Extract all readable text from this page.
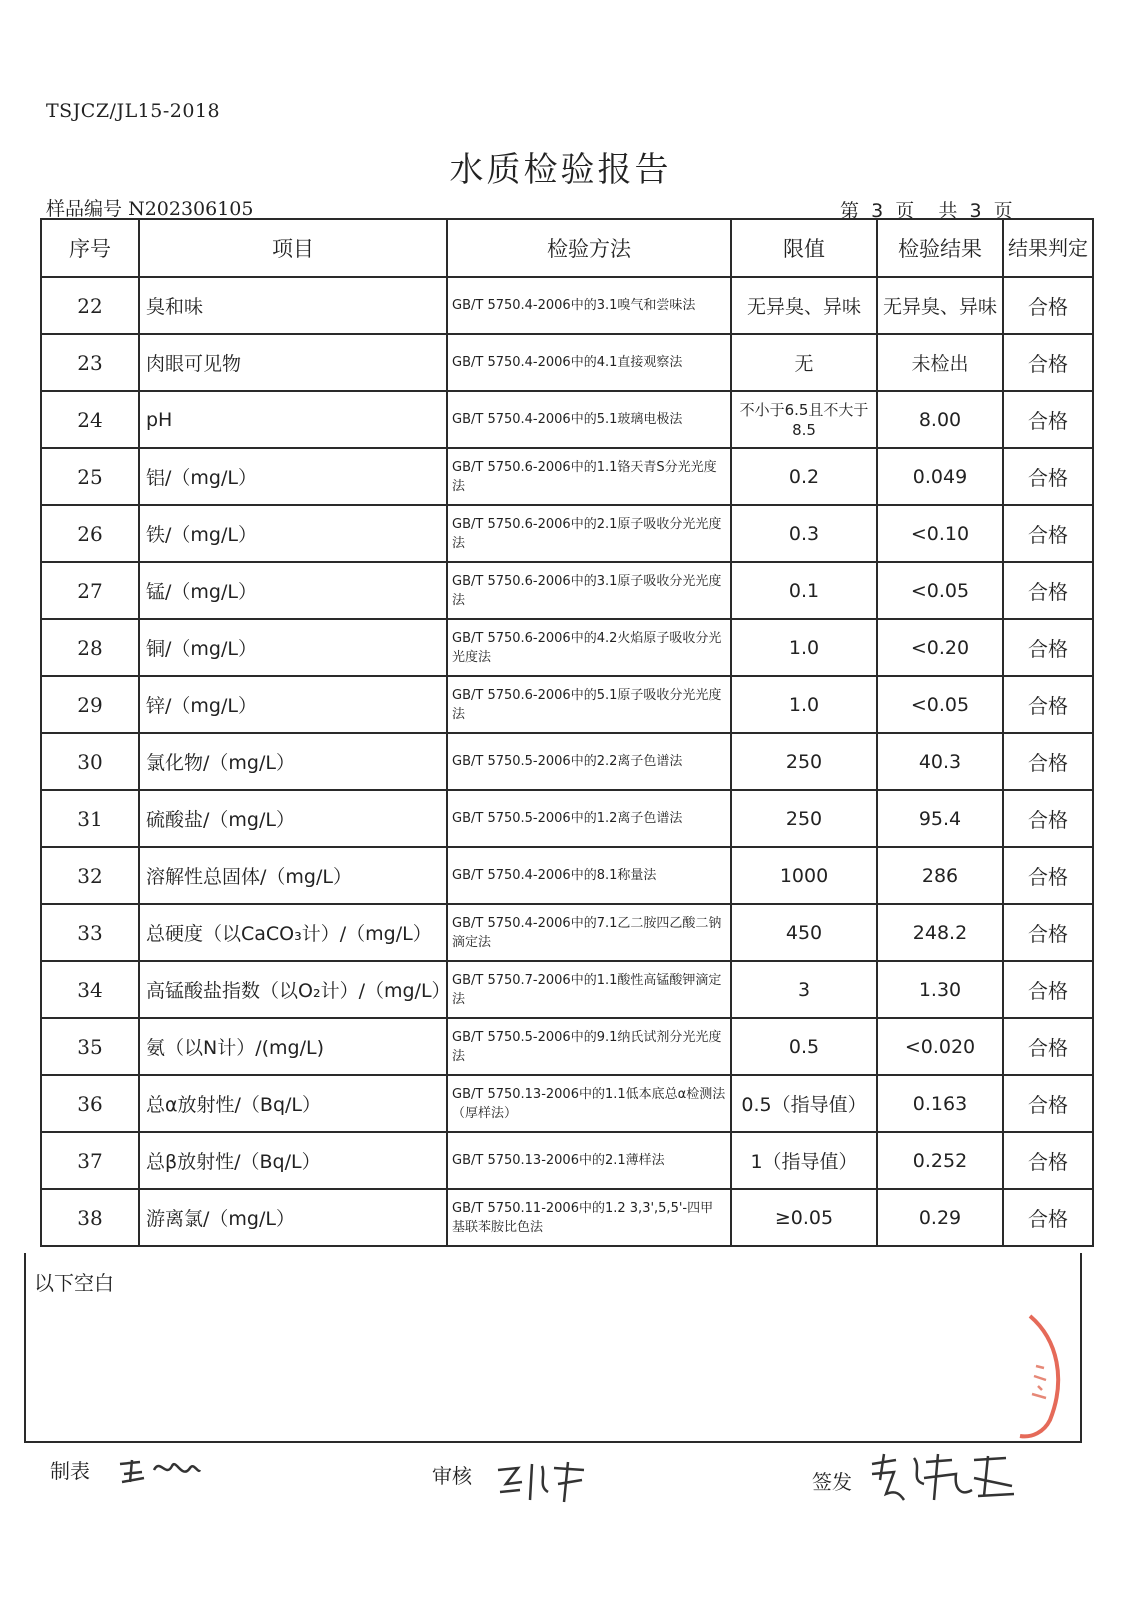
TSJCZ/JL15-2018
水质检验报告
样品编号 N202306105	第  3  页    共  3  页
序号	项目	检验方法	限值	检验结果	结果判定
22	臭和味	GB/T 5750.4-2006中的3.1嗅气和尝味法	无异臭、异味	无异臭、异味	合格
23	肉眼可见物	GB/T 5750.4-2006中的4.1直接观察法	无	未检出	合格
24	pH	GB/T 5750.4-2006中的5.1玻璃电极法	不小于6.5且不大于8.5	8.00	合格
25	铝/（mg/L）	GB/T 5750.6-2006中的1.1铬天青S分光光度法	0.2	0.049	合格
26	铁/（mg/L）	GB/T 5750.6-2006中的2.1原子吸收分光光度法	0.3	<0.10	合格
27	锰/（mg/L）	GB/T 5750.6-2006中的3.1原子吸收分光光度法	0.1	<0.05	合格
28	铜/（mg/L）	GB/T 5750.6-2006中的4.2火焰原子吸收分光光度法	1.0	<0.20	合格
29	锌/（mg/L）	GB/T 5750.6-2006中的5.1原子吸收分光光度法	1.0	<0.05	合格
30	氯化物/（mg/L）	GB/T 5750.5-2006中的2.2离子色谱法	250	40.3	合格
31	硫酸盐/（mg/L）	GB/T 5750.5-2006中的1.2离子色谱法	250	95.4	合格
32	溶解性总固体/（mg/L）	GB/T 5750.4-2006中的8.1称量法	1000	286	合格
33	总硬度（以CaCO₃计）/（mg/L）	GB/T 5750.4-2006中的7.1乙二胺四乙酸二钠滴定法	450	248.2	合格
34	高锰酸盐指数（以O₂计）/（mg/L）	GB/T 5750.7-2006中的1.1酸性高锰酸钾滴定法	3	1.30	合格
35	氨（以N计）/(mg/L)	GB/T 5750.5-2006中的9.1纳氏试剂分光光度法	0.5	<0.020	合格
36	总α放射性/（Bq/L）	GB/T 5750.13-2006中的1.1低本底总α检测法（厚样法）	0.5（指导值）	0.163	合格
37	总β放射性/（Bq/L）	GB/T 5750.13-2006中的2.1薄样法	1（指导值）	0.252	合格
38	游离氯/（mg/L）	GB/T 5750.11-2006中的1.2 3,3',5,5'-四甲基联苯胺比色法	≥0.05	0.29	合格
以下空白
制表	审核	签发
